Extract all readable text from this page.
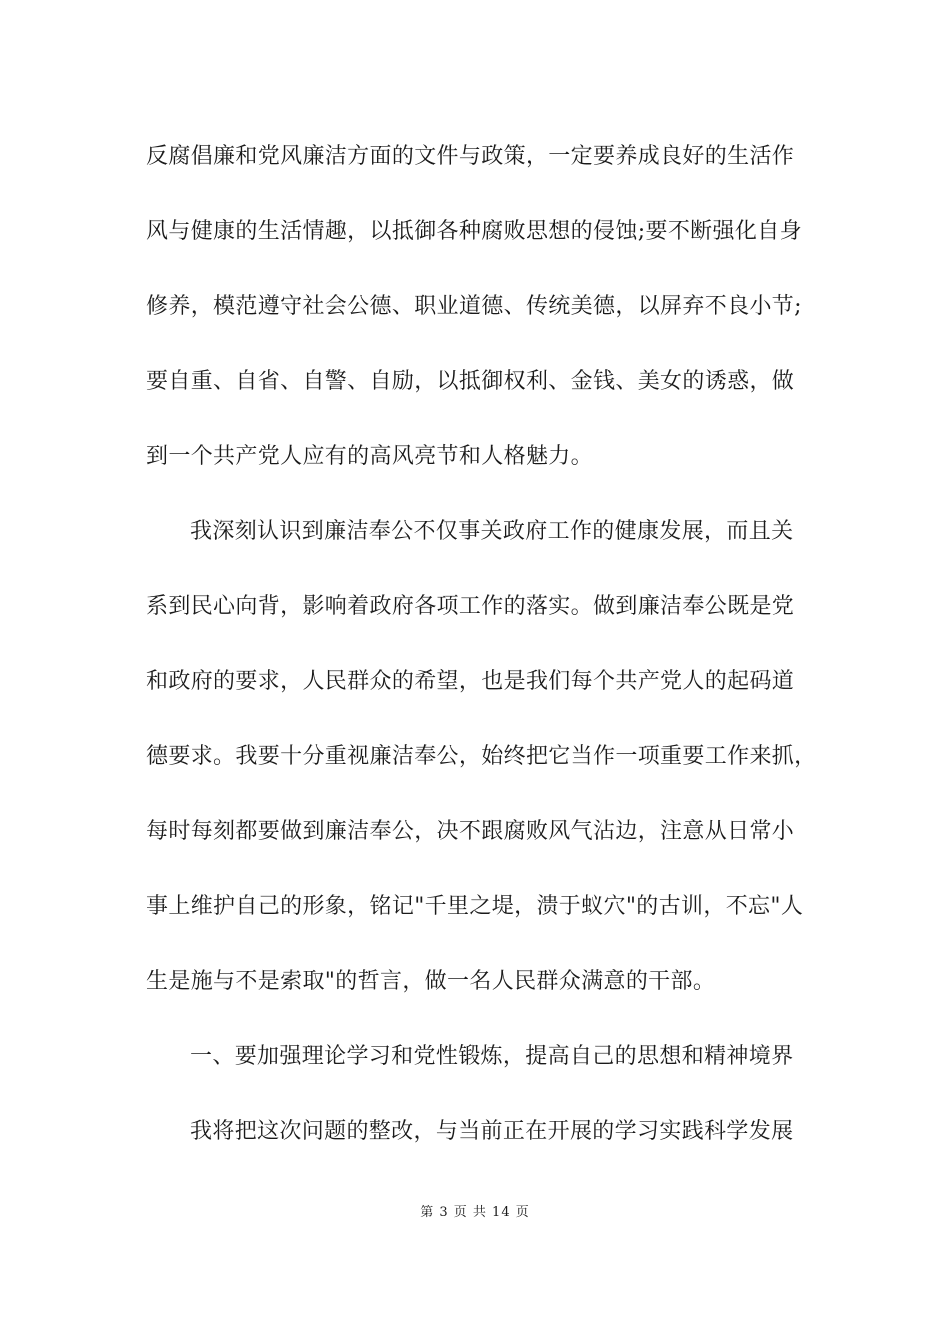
反腐倡廉和党风廉洁方面的文件与政策，一定要养成良好的生活作
风与健康的生活情趣，以抵御各种腐败思想的侵蚀;要不断强化自身
修养，模范遵守社会公德、职业道德、传统美德，以屏弃不良小节;
要自重、自省、自警、自励，以抵御权利、金钱、美女的诱惑，做
到一个共产党人应有的高风亮节和人格魅力。
我深刻认识到廉洁奉公不仅事关政府工作的健康发展，而且关
系到民心向背，影响着政府各项工作的落实。做到廉洁奉公既是党
和政府的要求，人民群众的希望，也是我们每个共产党人的起码道
德要求。我要十分重视廉洁奉公，始终把它当作一项重要工作来抓，
每时每刻都要做到廉洁奉公，决不跟腐败风气沾边，注意从日常小
事上维护自己的形象，铭记"千里之堤，溃于蚁穴"的古训，不忘"人
生是施与不是索取"的哲言，做一名人民群众满意的干部。
一、要加强理论学习和党性锻炼，提高自己的思想和精神境界
我将把这次问题的整改，与当前正在开展的学习实践科学发展
第 3 页 共 14 页
